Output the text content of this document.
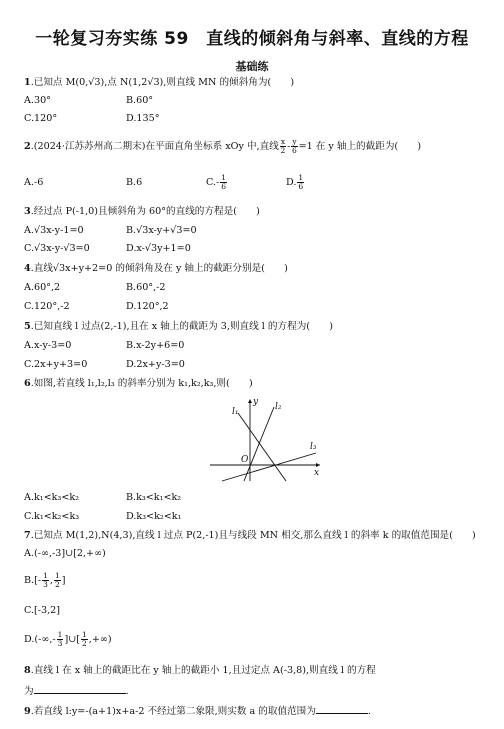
一轮复习夯实练 59　直线的倾斜角与斜率、直线的方程
基础练
1.已知点 M(0,√3),点 N(1,2√3),则直线 MN 的倾斜角为(　　)
A.30°	B.60°
C.120°	D.135°
2.(2024·江苏苏州高二期末)在平面直角坐标系 xOy 中,直线 $\frac{x}{2} - \frac{y}{6} =1$ 在 y 轴上的截距为(　　)
A.-6	B.6	$C.- \frac{1}{6}$	D. $\frac{1}{6}$
3.经过点 P(-1,0)且倾斜角为 60°的直线的方程是(　　)
A.√3x-y-1=0	B.√3x-y+√3=0
C.√3x-y-√3=0	D.x-√3y+1=0
4.直线√3x+y+2=0 的倾斜角及在 y 轴上的截距分别是(　　)
A.60°,2	B.60°,-2
C.120°,-2	D.120°,2
5.已知直线 l 过点(2,-1),且在 x 轴上的截距为 3,则直线 l 的方程为(　　)
A.x-y-3=0	B.x-2y+6=0
C.2x+y+3=0	D.2x+y-3=0
6.如图,若直线 l₁,l₂,l₃ 的斜率分别为 k₁,k₂,k₃,则(　　)
l₁	l₂
l₃
O
x
y
A.k₁<k₃<k₂	B.k₃<k₁<k₂
C.k₁<k₂<k₃	D.k₃<k₂<k₁
7.已知点 M(1,2),N(4,3),直线 l 过点 P(2,-1)且与线段 MN 相交,那么直线 l 的斜率 k 的取值范围是(　　)
A.(-∞,-3]∪[2,+∞)
$B.[- \frac{1}{3}$ , $\frac{1}{2}$ ]
C.[-3,2]
$D.(-\infty,- \frac{1}{3}$ ]∪[ $\frac{1}{2}$ ,+∞)
8.直线 l 在 x 轴上的截距比在 y 轴上的截距小 1,且过定点 A(-3,8),则直线 l 的方程
为	.
9.若直线 l:y=-(a+1)x+a-2 不经过第二象限,则实数 a 的取值范围为	.
